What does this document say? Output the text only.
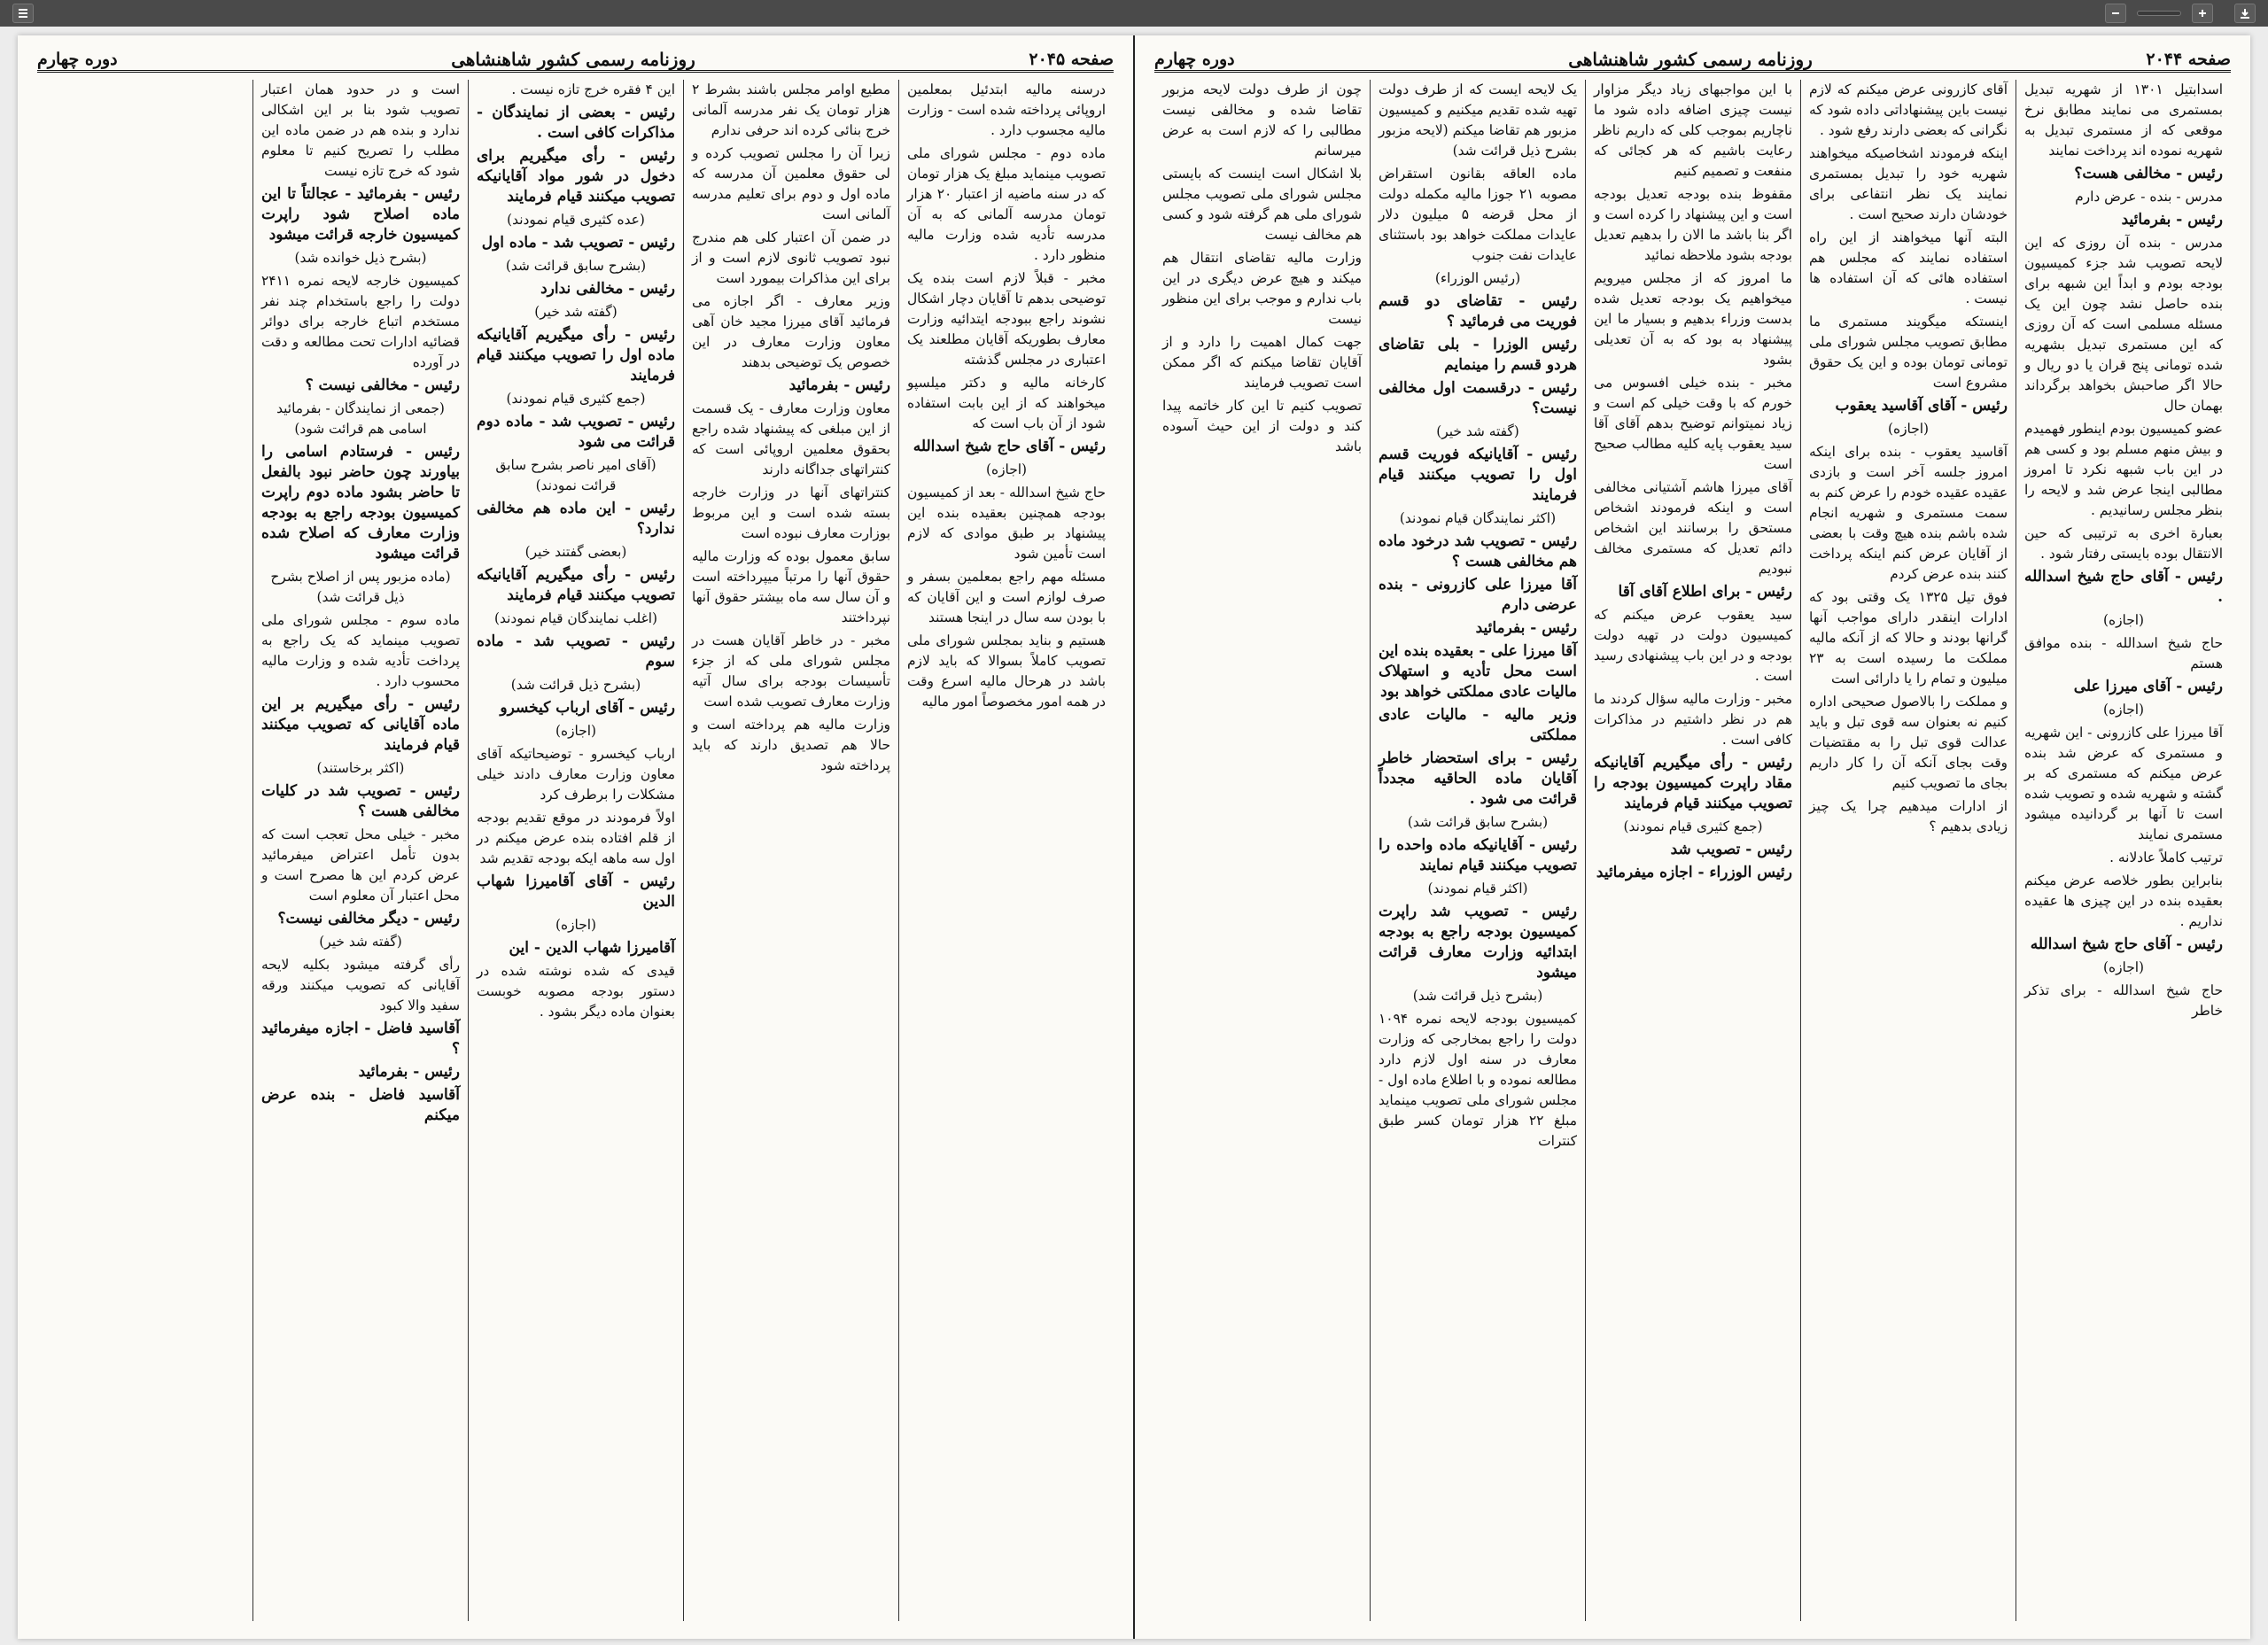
صفحه ۲۰۴۴
روزنامه رسمی کشور شاهنشاهی
دوره چهارم

اسدابتیل ۱۳۰۱ از شهریه تبدیل بمستمری می نمایند مطابق نرخ موقعی که از مستمری تبدیل به شهریه نموده اند پرداخت نمایند

رئیس - مخالفی هست؟

مدرس - بنده - عرض دارم

رئیس - بفرمائید

مدرس - بنده آن روزی که این لایحه تصویب شد جزء کمیسیون بودجه بودم و ابداً این شبهه برای بنده حاصل نشد چون این یک مسئله مسلمی است که آن روزی که این مستمری تبدیل بشهریه شده تومانی پنج قران یا دو ریال و حالا اگر صاحبش بخواهد برگرداند بهمان حال

عضو کمیسیون بودم اینطور فهمیدم و بیش منهم مسلم بود و کسی هم در این باب شبهه نکرد تا امروز مطالبی اینجا عرض شد و لایحه را بنظر مجلس رسانیدیم .

بعبارة اخری به ترتیبی که حین الانتقال بوده بایستی رفتار شود .

رئیس - آقای حاج شیخ اسدالله .

(اجازه)

حاج شیخ اسدالله - بنده موافق هستم

رئیس - آقای میرزا علی

(اجازه)

آقا میرزا علی کازرونی - این شهریه و مستمری که عرض شد بنده عرض میکنم که مستمری که بر گشته و شهریه شده و تصویب شده است تا آنها بر گردانیده میشود مستمری نمایند

ترتیب کاملاً عادلانه .

بنابراین بطور خلاصه عرض میکنم بعقیده بنده در این چیزی ها عقیده نداریم .

رئیس - آقای حاج شیخ اسدالله

(اجازه)

حاج شیخ اسدالله - برای تذکر خاطر

آقای کازرونی عرض میکنم که لازم نیست باین پیشنهاداتی داده شود که نگرانی که بعضی دارند رفع شود .

اینکه فرمودند اشخاصیکه میخواهند شهریه خود را تبدیل بمستمری نمایند یک نظر انتفاعی برای خودشان دارند صحیح است .

البته آنها میخواهند از این راه استفاده نمایند که مجلس هم استفاده هائی که آن استفاده ها نیست .

اینستکه میگویند مستمری ما مطابق تصویب مجلس شورای ملی تومانی تومان بوده و این یک حقوق مشروع است

رئیس - آقای آقاسید یعقوب

(اجازه)

آقاسید یعقوب - بنده برای اینکه امروز جلسه آخر است و بازدی عقیده عقیده خودم را عرض کنم به سمت مستمری و شهریه انجام شده باشم بنده هیچ وقت با بعضی از آقایان عرض کنم اینکه پرداخت کنند بنده عرض کردم

فوق تیل ۱۳۲۵ یک وقتی بود که ادارات اینقدر دارای مواجب آنها گرانها بودند و حالا که از آنکه مالیه مملکت ما رسیده است به ۲۳ میلیون و تمام را یا دارائی است

و مملکت را بالاصول صحیحی اداره کنیم نه بعنوان سه قوی تبل و باید عدالت قوی تبل را به مقتضیات وقت بجای آنکه آن را کار داریم بجای ما تصویب کنیم

از ادارات میدهیم چرا یک چیز زیادی بدهیم ؟

با این مواجبهای زیاد دیگر مزاوار نیست چیزی اضافه داده شود ما ناچاریم بموجب کلی که داریم ناظر رعایت باشیم که هر کجائی که منفعت و تصمیم کنیم

مقفوظ بنده بودجه تعدیل بودجه است و این پیشنهاد را کرده است و اگر بنا باشد ما الان را بدهیم تعدیل بودجه بشود ملاحظه نمائید

ما امروز که از مجلس میرویم میخواهیم یک بودجه تعدیل شده بدست وزراء بدهیم و بسیار ما این پیشنهاد به بود که به آن تعدیلی بشود

مخبر - بنده خیلی افسوس می خورم که با وقت خیلی کم است و زیاد نمیتوانم توضیح بدهم آقای آقا سید یعقوب پایه کلیه مطالب صحیح است

آقای میرزا هاشم آشتیانی مخالفی است و اینکه فرمودند اشخاص مستحق را برسانند این اشخاص دائم تعدیل که مستمری مخالف نبودیم

رئیس - برای اطلاع آقای آقا

سید یعقوب عرض میکنم که کمیسیون دولت در تهیه دولت بودجه و در این باب پیشنهادی رسید است .

مخبر - وزارت مالیه سؤال کردند ما هم در نظر داشتیم در مذاکرات کافی است .

رئیس - رأی میگیریم آقایانیکه مقاد راپرت کمیسیون بودجه را تصویب میکنند قیام فرمایند

(جمع کثیری قیام نمودند)

رئیس - تصویب شد

رئیس الوزراء - اجازه میفرمائید

یک لایحه ایست که از طرف دولت تهیه شده تقدیم میکنیم و کمیسیون مزبور هم تقاضا میکنم (لایحه مزبور بشرح ذیل قرائت شد)

ماده العاقه بقانون استقراض مصوبه ۲۱ جوزا مالیه مکمله دولت از محل قرضه ۵ میلیون دلار عایدات مملکت خواهد بود باستثنای عایدات نفت جنوب

(رئیس الوزراء)

رئیس - تقاضای دو قسم فوریت می فرمائید ؟

رئیس الوزرا - بلی تقاضای هردو قسم را مینمایم

رئیس - درقسمت اول مخالفی نیست؟

(گفته شد خیر)

رئیس - آقایانیکه فوریت قسم اول را تصویب میکنند قیام فرمایند

(اکثر نمایندگان قیام نمودند)

رئیس - تصویب شد درخود ماده هم مخالفی هست ؟

آقا میرزا علی کازرونی - بنده عرضی دارم

رئیس - بفرمائید

آقا میرزا علی - بعقیده بنده این است محل تأدیه و استهلاک مالیات عادی مملکتی خواهد بود

وزیر مالیه - مالیات عادی مملکتی

رئیس - برای استحضار خاطر آقایان ماده الحاقیه مجدداً قرائت می شود .

(بشرح سابق قرائت شد)

رئیس - آقایانیکه ماده واحده را تصویب میکنند قیام نمایند

(اکثر قیام نمودند)

رئیس - تصویب شد راپرت کمیسیون بودجه راجع به بودجه ابتدائیه وزارت معارف قرائت میشود

(بشرح ذیل قرائت شد)

کمیسیون بودجه لایحه نمره ۱۰۹۴ دولت را راجع بمخارجی که وزارت معارف در سنه اول لازم دارد مطالعه نموده و با اطلاع ماده اول - مجلس شورای ملی تصویب مینماید مبلغ ۲۲ هزار تومان کسر طبق کنترات

چون از طرف دولت لایحه مزبور تقاضا شده و مخالفی نیست مطالبی را که لازم است به عرض میرسانم

بلا اشکال است اینست که بایستی مجلس شورای ملی تصویب مجلس شورای ملی هم گرفته شود و کسی هم مخالف نیست

وزارت مالیه تقاضای انتقال هم میکند و هیچ عرض دیگری در این باب ندارم و موجب برای این منظور نیست

جهت کمال اهمیت را دارد و از آقایان تقاضا میکنم که اگر ممکن است تصویب فرمایند

تصویب کنیم تا این کار خاتمه پیدا کند و دولت از این حیث آسوده باشد

صفحه ۲۰۴۵
روزنامه رسمی کشور شاهنشاهی
دوره چهارم

درسنه مالیه ابتدئیل بمعلمین اروپائی پرداخته شده است - وزارت مالیه مجسوب دارد .

ماده دوم - مجلس شورای ملی تصویب مینماید مبلغ یک هزار تومان که در سنه ماضیه از اعتبار ۲۰ هزار تومان مدرسه آلمانی که به آن مدرسه تأدیه شده وزارت مالیه منظور دارد .

مخبر - قبلاً لازم است بنده یک توضیحی بدهم تا آقایان دچار اشکال نشوند راجع ببودجه ایتدائیه وزارت معارف بطوریکه آقایان مطلعند یک اعتباری در مجلس گذشته

کارخانه مالیه و دکتر میلسپو میخواهند که از این بابت استفاده شود از آن باب است که

رئیس - آقای حاج شیخ اسدالله

(اجازه)

حاج شیخ اسدالله - بعد از کمیسیون بودجه همچنین بعقیده بنده این پیشنهاد بر طبق موادی که لازم است تأمین شود

مسئله مهم راجع بمعلمین بسفر و صرف لوازم است و این آقایان که با بودن سه سال در اینجا هستند

هستیم و بناید بمجلس شورای ملی تصویب کاملاً بسوالا که باید لازم باشد در هرحال مالیه اسرع وقت در همه امور مخصوصاً امور مالیه

مطیع اوامر مجلس باشند بشرط ۲ هزار تومان یک نفر مدرسه آلمانی خرج بنائی کرده اند حرفی ندارم

زیرا آن را مجلس تصویب کرده و لی حقوق معلمین آن مدرسه که ماده اول و دوم برای تعلیم مدرسه آلمانی است

در ضمن آن اعتبار کلی هم مندرج نبود تصویب ثانوی لازم است و از برای این مذاکرات بیمورد است

وزیر معارف - اگر اجازه می فرمائید آقای میرزا مجید خان آهی معاون وزارت معارف در این خصوص یک توضیحی بدهند

رئیس - بفرمائید

معاون وزارت معارف - یک قسمت از این مبلغی که پیشنهاد شده راجع بحقوق معلمین اروپائی است که کنتراتهای جداگانه دارند

کنتراتهای آنها در وزارت خارجه بسته شده است و این مربوط بوزارت معارف نبوده است

سابق معمول بوده که وزارت مالیه حقوق آنها را مرتباً میپرداخته است و آن سال سه ماه بیشتر حقوق آنها نپرداختند

مخبر - در خاطر آقایان هست در مجلس شورای ملی که از جزء تأسیسات بودجه برای سال آتیه وزارت معارف تصویب شده است

وزارت مالیه هم پرداخته است و حالا هم تصدیق دارند که باید پرداخته شود

این ۴ فقره خرج تازه نیست .

رئیس - بعضی از نمایندگان - مذاکرات کافی است .

رئیس - رأی میگیریم برای دخول در شور مواد آقایانیکه تصویب میکنند قیام فرمایند

(عده کثیری قیام نمودند)

رئیس - تصویب شد - ماده اول

(بشرح سابق قرائت شد)

رئیس - مخالفی ندارد

(گفته شد خیر)

رئیس - رأی میگیریم آقایانیکه ماده اول را تصویب میکنند قیام فرمایند

(جمع کثیری قیام نمودند)

رئیس - تصویب شد - ماده دوم قرائت می شود

(آقای امیر ناصر بشرح سابق قرائت نمودند)

رئیس - این ماده هم مخالفی ندارد؟

(بعضی گفتند خیر)

رئیس - رأی میگیریم آقایانیکه تصویب میکنند قیام فرمایند

(اغلب نمایندگان قیام نمودند)

رئیس - تصویب شد - ماده سوم

(بشرح ذیل قرائت شد)

رئیس - آقای ارباب کیخسرو

(اجازه)

ارباب کیخسرو - توضیحاتیکه آقای معاون وزارت معارف دادند خیلی مشکلات را برطرف کرد

اولاً فرمودند در موقع تقدیم بودجه از قلم افتاده بنده عرض میکنم در اول سه ماهه ایکه بودجه تقدیم شد

رئیس - آقای آقامیرزا شهاب الدین

(اجازه)

آقامیرزا شهاب الدین - این

قیدی که شده نوشته شده در دستور بودجه مصوبه خوبست بعنوان ماده دیگر بشود .

است و در حدود همان اعتبار تصویب شود بنا بر این اشکالی ندارد و بنده هم در ضمن ماده این مطلب را تصریح کنیم تا معلوم شود که خرج تازه نیست

رئیس - بفرمائید - عجالتاً تا این ماده اصلاح شود راپرت کمیسیون خارجه قرائت میشود

(بشرح ذیل خوانده شد)

کمیسیون خارجه لایحه نمره ۲۴۱۱ دولت را راجع باستخدام چند نفر مستخدم اتباع خارجه برای دوائر قضائیه ادارات تحت مطالعه و دقت در آورده

رئیس - مخالفی نیست ؟

(جمعی از نمایندگان - بفرمائید اسامی هم قرائت شود)

رئیس - فرستادم اسامی را بیاورند چون حاضر نبود بالفعل تا حاضر بشود ماده دوم راپرت کمیسیون بودجه راجع به بودجه وزارت معارف که اصلاح شده قرائت میشود

(ماده مزبور پس از اصلاح بشرح ذیل قرائت شد)

ماده سوم - مجلس شورای ملی تصویب مینماید که یک راجع به پرداخت تأدیه شده و وزارت مالیه محسوب دارد .

رئیس - رأی میگیریم بر این ماده آقایانی که تصویب میکنند قیام فرمایند

(اکثر برخاستند)

رئیس - تصویب شد در کلیات مخالفی هست ؟

مخبر - خیلی محل تعجب است که بدون تأمل اعتراض میفرمائید عرض کردم این ها مصرح است و محل اعتبار آن معلوم است

رئیس - دیگر مخالفی نیست؟

(گفته شد خیر)

رأی گرفته میشود بکلیه لایحه آقایانی که تصویب میکنند ورقه سفید والا کبود

آقاسید فاضل - اجازه میفرمائید ؟

رئیس - بفرمائید

آقاسید فاضل - بنده عرض میکنم
